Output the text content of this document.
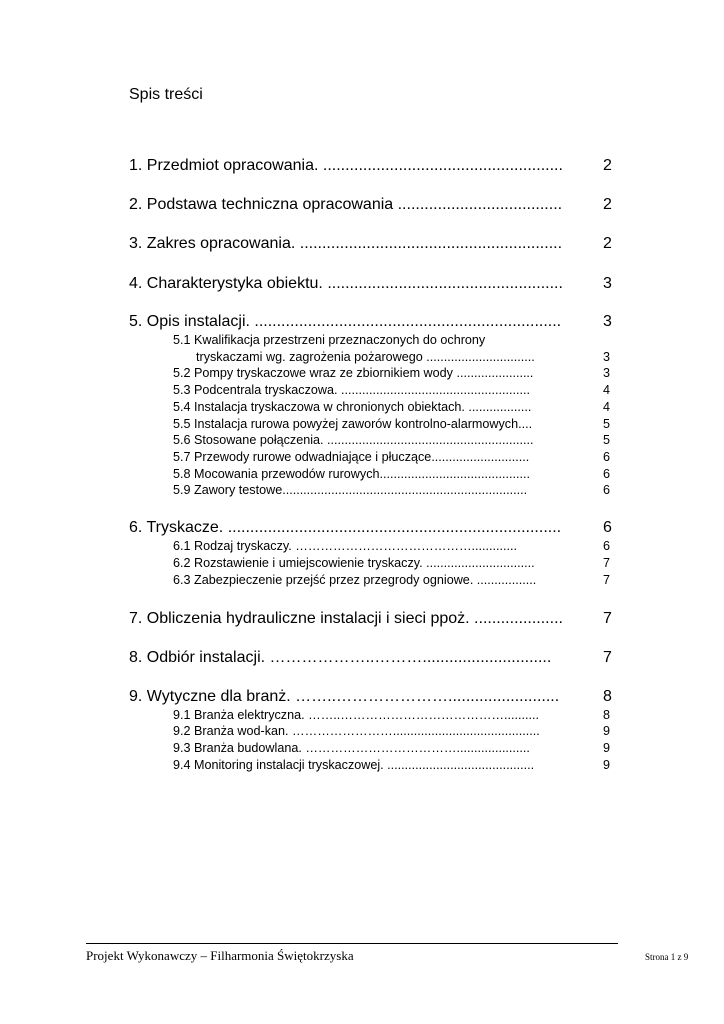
Spis treści
1. Przedmiot opracowania. ......................................................	2
2. Podstawa techniczna opracowania .....................................	2
3. Zakres opracowania. ...........................................................	2
4. Charakterystyka obiektu. .....................................................	3
5. Opis instalacji. .....................................................................	3
5.1 Kwalifikacja przestrzeni przeznaczonych do ochrony
tryskaczami wg. zagrożenia pożarowego ...............................	3
5.2 Pompy tryskaczowe wraz ze zbiornikiem wody ......................	3
5.3 Podcentrala tryskaczowa. ......................................................	4
5.4 Instalacja tryskaczowa w chronionych obiektach. ..................	4
5.5 Instalacja rurowa powyżej zaworów kontrolno-alarmowych....	5
5.6 Stosowane połączenia. ...........................................................	5
5.7 Przewody rurowe odwadniające i płuczące............................	6
5.8 Mocowania przewodów rurowych...........................................	6
5.9 Zawory testowe......................................................................	6
6. Tryskacze. ...........................................................................	6
6.1 Rodzaj tryskaczy. …………………………………….............	6
6.2 Rozstawienie i umiejscowienie tryskaczy. ...............................	7
6.3 Zabezpieczenie przejść przez przegrody ogniowe. .................	7
7. Obliczenia hydrauliczne instalacji i sieci ppoż. ....................	7
8. Odbiór instalacji. ………………..……….............................	7
9. Wytyczne dla branż. ……..………………….........................	8
9.1 Branża elektryczna. ……..…………………………………..........	8
9.2 Branża wod-kan. ……………………..........................................	9
9.3 Branża budowlana. ……………………………….....................	9
9.4 Monitoring instalacji tryskaczowej. ..........................................	9
Projekt Wykonawczy – Filharmonia Świętokrzyska	Strona 1 z 9
